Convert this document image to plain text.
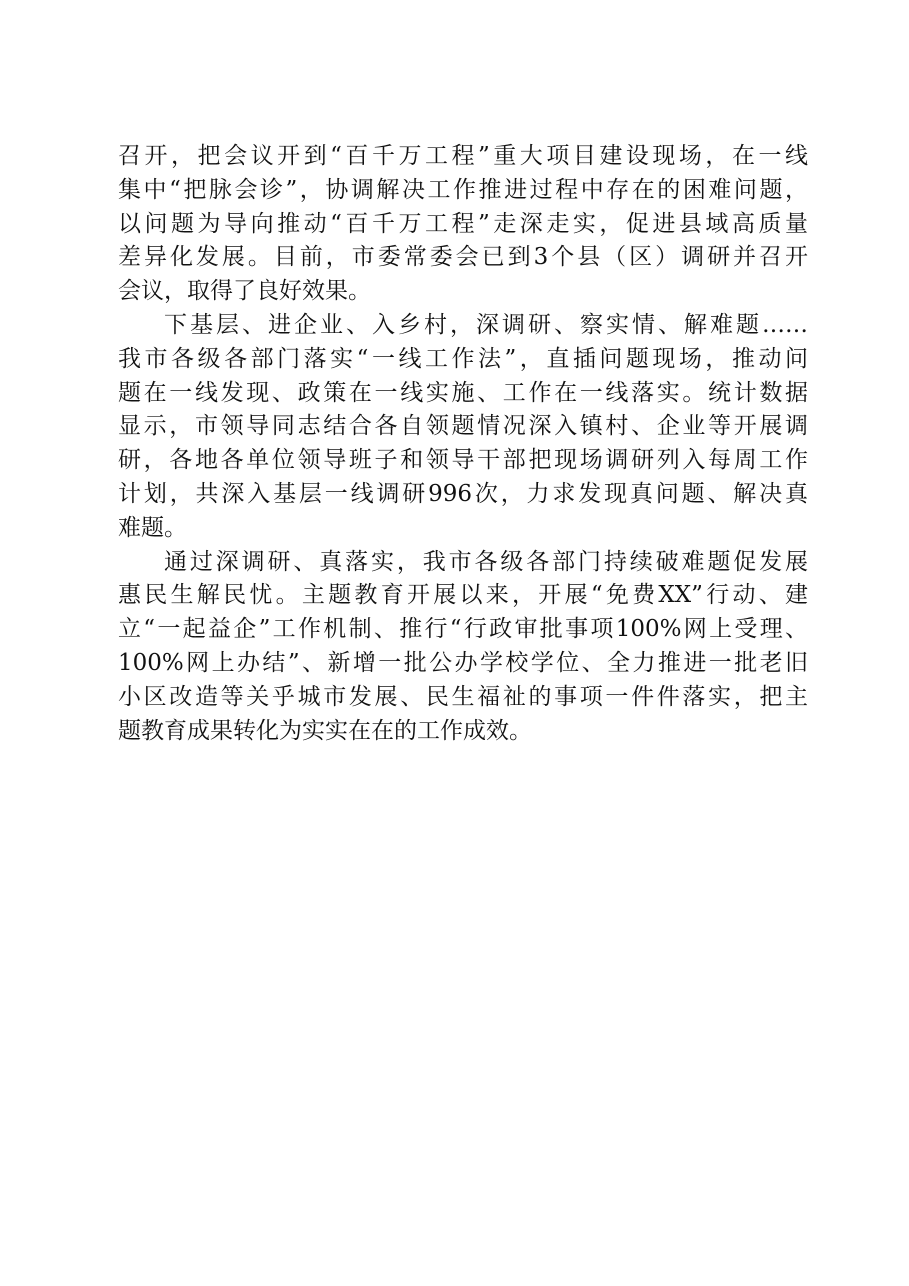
召开，把会议开到“百千万工程”重大项目建设现场，在一线
集中“把脉会诊”，协调解决工作推进过程中存在的困难问题，
以问题为导向推动“百千万工程”走深走实，促进县域高质量
差异化发展。目前，市委常委会已到3个县（区）调研并召开
会议，取得了良好效果。
下基层、进企业、入乡村，深调研、察实情、解难题……
我市各级各部门落实“一线工作法”，直插问题现场，推动问
题在一线发现、政策在一线实施、工作在一线落实。统计数据
显示，市领导同志结合各自领题情况深入镇村、企业等开展调
研，各地各单位领导班子和领导干部把现场调研列入每周工作
计划，共深入基层一线调研996次，力求发现真问题、解决真
难题。
通过深调研、真落实，我市各级各部门持续破难题促发展
惠民生解民忧。主题教育开展以来，开展“免费XX”行动、建
立“一起益企”工作机制、推行“行政审批事项100%网上受理、
100%网上办结”、新增一批公办学校学位、全力推进一批老旧
小区改造等关乎城市发展、民生福祉的事项一件件落实，把主
题教育成果转化为实实在在的工作成效。
